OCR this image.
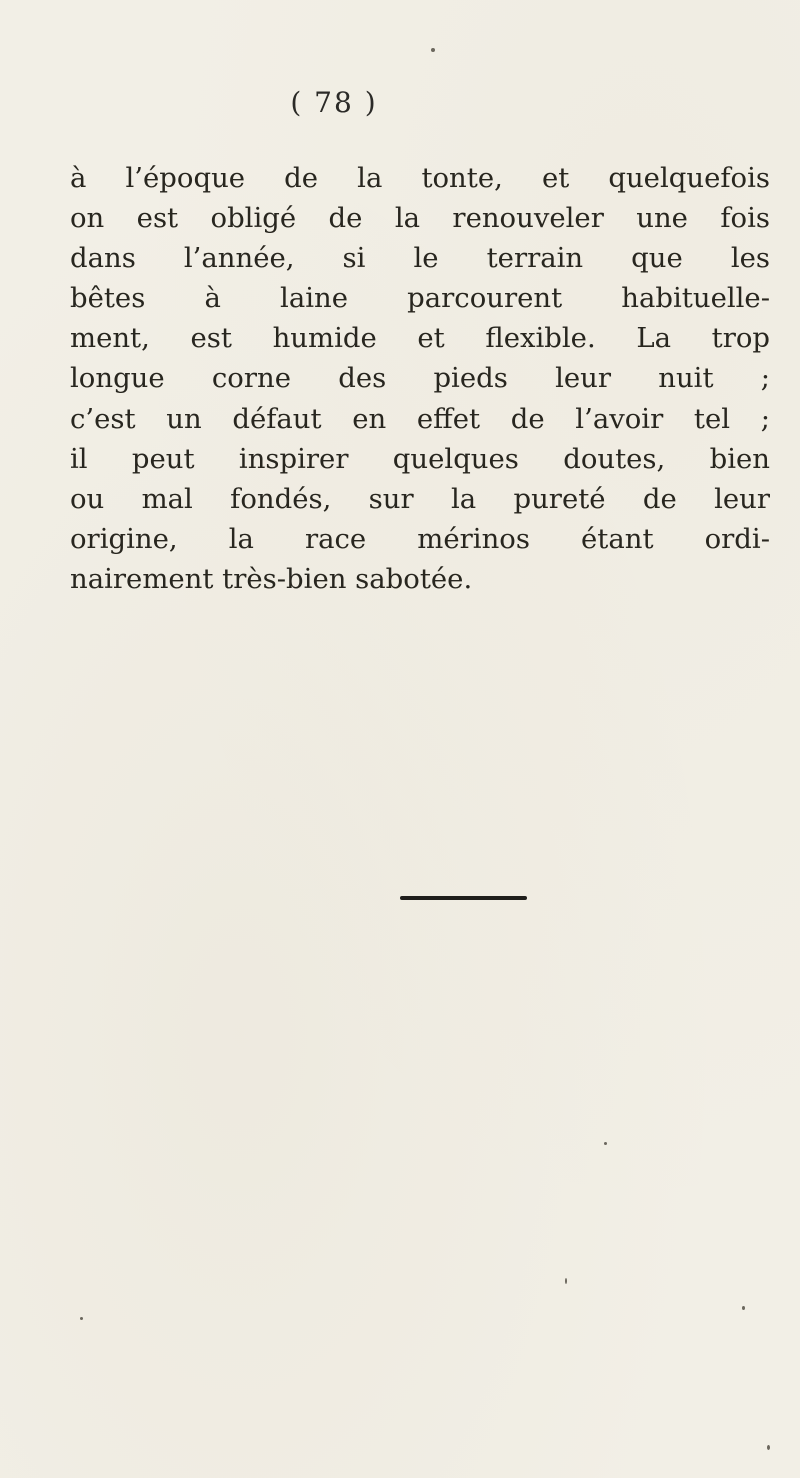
( 78 )
à l’époque de la tonte, et quelquefois
on est obligé de la renouveler une fois
dans l’année, si le terrain que les
bêtes à laine parcourent habituelle-
ment, est humide et flexible. La trop
longue corne des pieds leur nuit ;
c’est un défaut en effet de l’avoir tel ;
il peut inspirer quelques doutes, bien
ou mal fondés, sur la pureté de leur
origine, la race mérinos étant ordi-
nairement très-bien sabotée.
